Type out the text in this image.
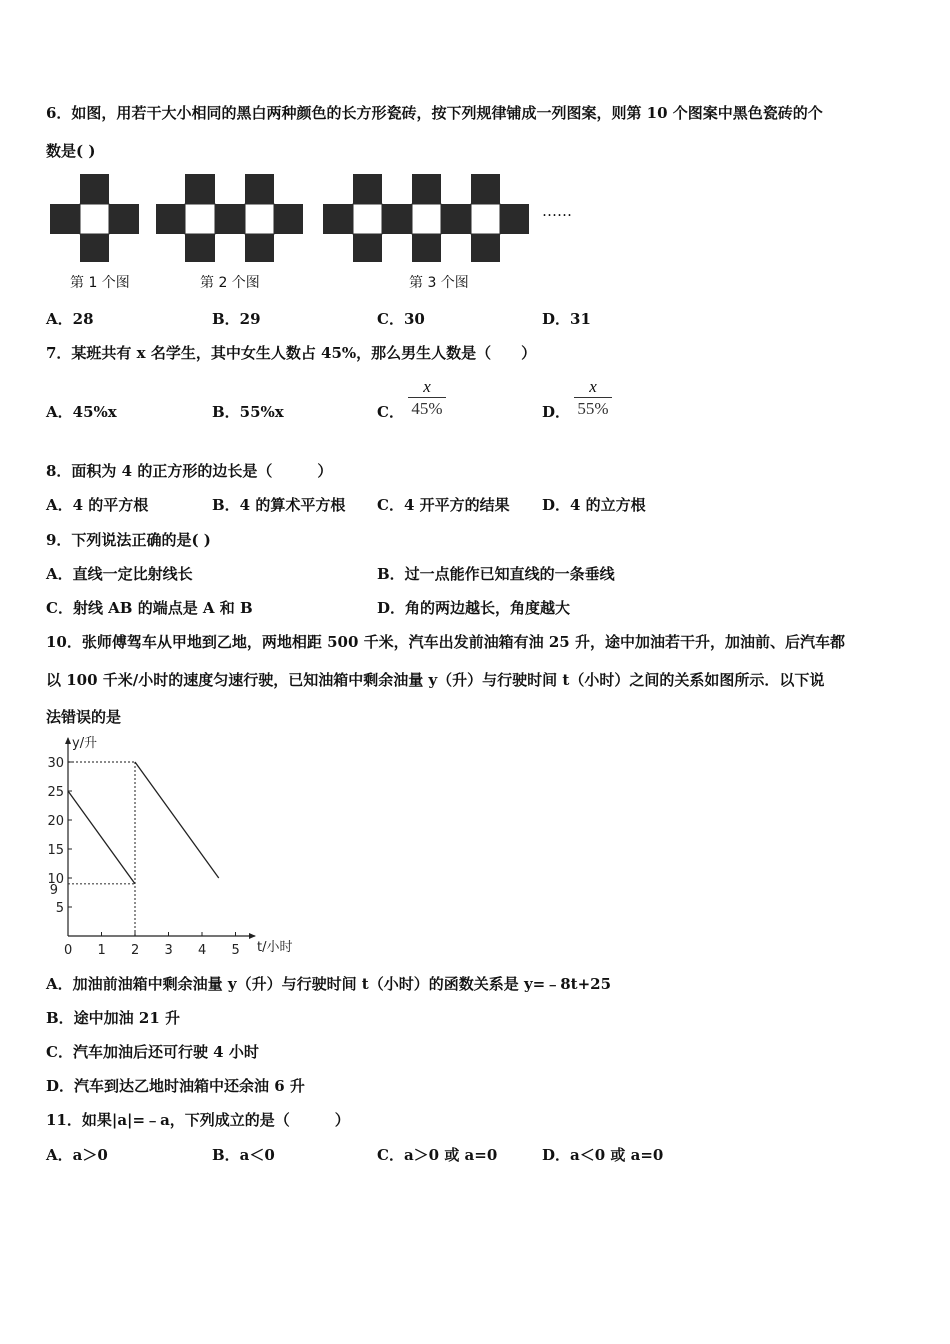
6．如图，用若干大小相同的黑白两种颜色的长方形瓷砖，按下列规律铺成一列图案，则第 10 个图案中黑色瓷砖的个
数是( )
……
第 1 个图	第 2 个图	第 3 个图
A．28	B．29	C．30	D．31
7．某班共有 x 名学生，其中女生人数占 45%，那么男生人数是（　　）
A．45%x	B．55%x	C．
x
45%	D．
x
55%
8．面积为 4 的正方形的边长是（　　　）
A．4 的平方根	B．4 的算术平方根 C．4 开平方的结果 D．4 的立方根
9．下列说法正确的是( )
A．直线一定比射线长	B．过一点能作已知直线的一条垂线
C．射线 AB 的端点是 A 和 B	D．角的两边越长，角度越大
10．张师傅驾车从甲地到乙地，两地相距 500 千米，汽车出发前油箱有油 25 升，途中加油若干升，加油前、后汽车都
以 100 千米/小时的速度匀速行驶，已知油箱中剩余油量 y（升）与行驶时间 t（小时）之间的关系如图所示．以下说
法错误的是
0 1 2 3 4 5
5
10
15
20
25
30
9
y/升
t/小时
A．加油前油箱中剩余油量 y（升）与行驶时间 t（小时）的函数关系是 y=﹣8t+25
B．途中加油 21 升
C．汽车加油后还可行驶 4 小时
D．汽车到达乙地时油箱中还余油 6 升
11．如果|a|=﹣a，下列成立的是（　　　）
A．a＞0	B．a＜0	C．a＞0 或 a=0	D．a＜0 或 a=0
